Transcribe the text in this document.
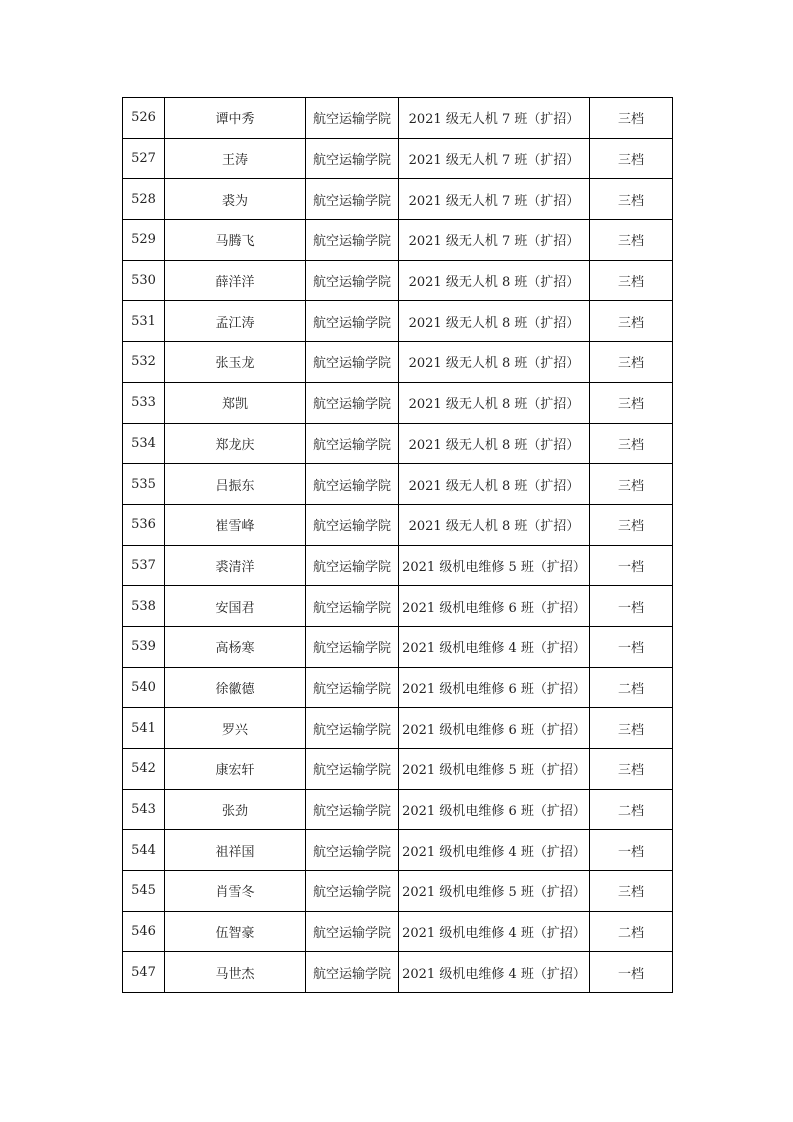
526	谭中秀	航空运输学院	2021 级无人机 7 班（扩招）	三档
527	王涛	航空运输学院	2021 级无人机 7 班（扩招）	三档
528	裘为	航空运输学院	2021 级无人机 7 班（扩招）	三档
529	马腾飞	航空运输学院	2021 级无人机 7 班（扩招）	三档
530	薛洋洋	航空运输学院	2021 级无人机 8 班（扩招）	三档
531	孟江涛	航空运输学院	2021 级无人机 8 班（扩招）	三档
532	张玉龙	航空运输学院	2021 级无人机 8 班（扩招）	三档
533	郑凯	航空运输学院	2021 级无人机 8 班（扩招）	三档
534	郑龙庆	航空运输学院	2021 级无人机 8 班（扩招）	三档
535	吕振东	航空运输学院	2021 级无人机 8 班（扩招）	三档
536	崔雪峰	航空运输学院	2021 级无人机 8 班（扩招）	三档
537	裘清洋	航空运输学院	2021 级机电维修 5 班（扩招）	一档
538	安国君	航空运输学院	2021 级机电维修 6 班（扩招）	一档
539	高杨寒	航空运输学院	2021 级机电维修 4 班（扩招）	一档
540	徐徽德	航空运输学院	2021 级机电维修 6 班（扩招）	二档
541	罗兴	航空运输学院	2021 级机电维修 6 班（扩招）	三档
542	康宏轩	航空运输学院	2021 级机电维修 5 班（扩招）	三档
543	张劲	航空运输学院	2021 级机电维修 6 班（扩招）	二档
544	祖祥国	航空运输学院	2021 级机电维修 4 班（扩招）	一档
545	肖雪冬	航空运输学院	2021 级机电维修 5 班（扩招）	三档
546	伍智豪	航空运输学院	2021 级机电维修 4 班（扩招）	二档
547	马世杰	航空运输学院	2021 级机电维修 4 班（扩招）	一档
